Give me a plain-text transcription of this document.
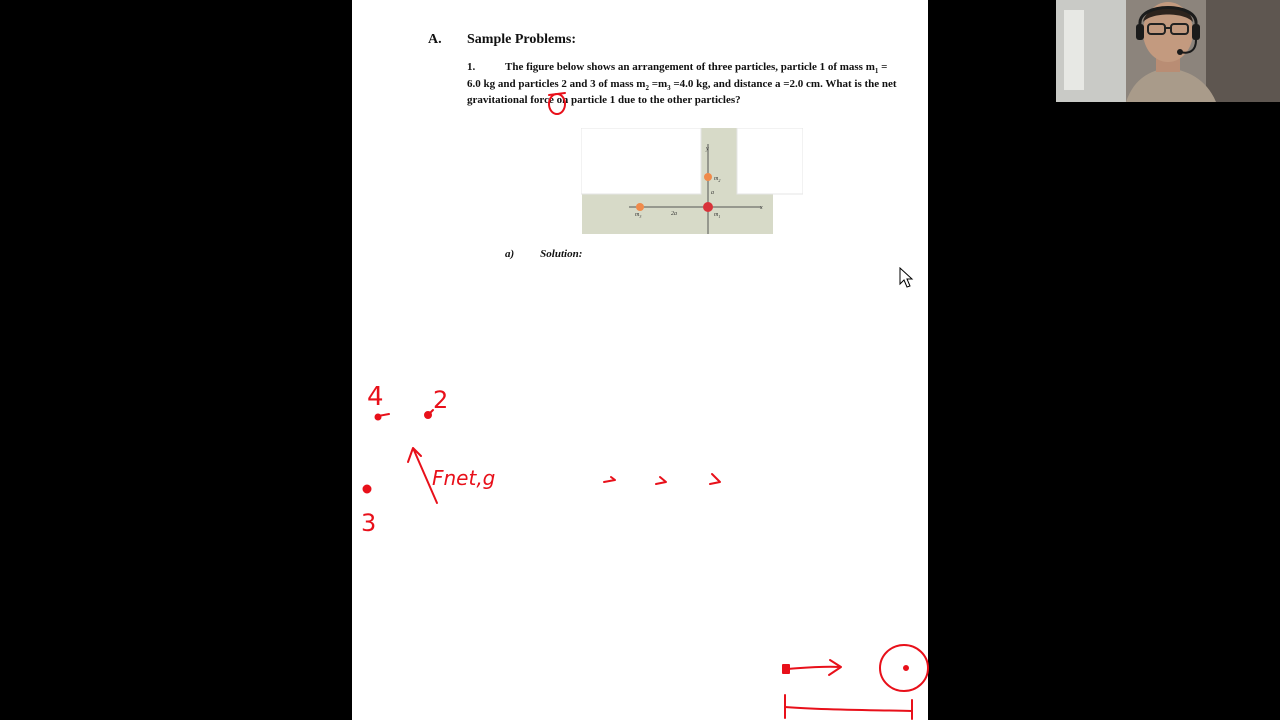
A. Sample Problems:
1.	The figure below shows an arrangement of three particles, particle 1 of mass $m_1 = 6.0$ kg and particles 2 and 3 of mass $m_2 =m_3 =4.0$ kg, and distance a =2.0 cm. What is the net gravitational force on particle 1 due to the other particles?
y
x
$m_2$
a
$m_3$	2a	$m_1$
a) Solution:
4 2
Fnet,g
3
